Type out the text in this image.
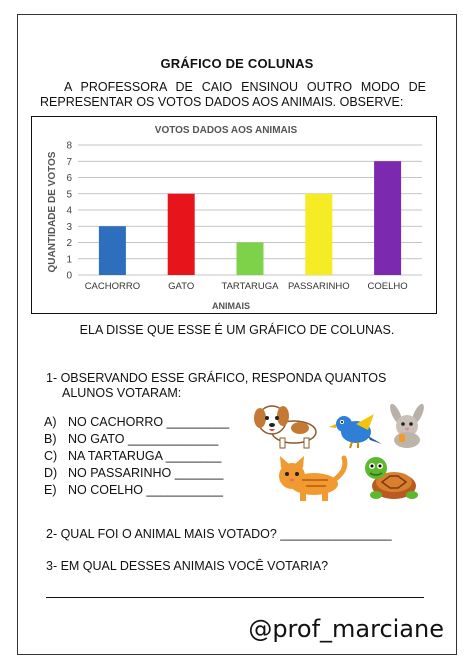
GRÁFICO DE COLUNAS
A PROFESSORA DE CAIO ENSINOU OUTRO MODO DE
REPRESENTAR OS VOTOS DADOS AOS ANIMAIS. OBSERVE:
VOTOS DADOS AOS ANIMAIS
QUANTIDADE DE VOTOS
ANIMAIS
0
1
2
3
4
5
6
7
8
CACHORRO	GATO	TARTARUGA PASSARINHO COELHO
ELA DISSE QUE ESSE É UM GRÁFICO DE COLUNAS.
1- OBSERVANDO ESSE GRÁFICO, RESPONDA QUANTOS
ALUNOS VOTARAM:
A) NO CACHORRO _________
B) NO GATO _____________
C) NA TARTARUGA ________
D) NO PASSARINHO _______
E) NO COELHO ___________
2- QUAL FOI O ANIMAL MAIS VOTADO? ________________
3- EM QUAL DESSES ANIMAIS VOCÊ VOTARIA?
@prof_marciane
